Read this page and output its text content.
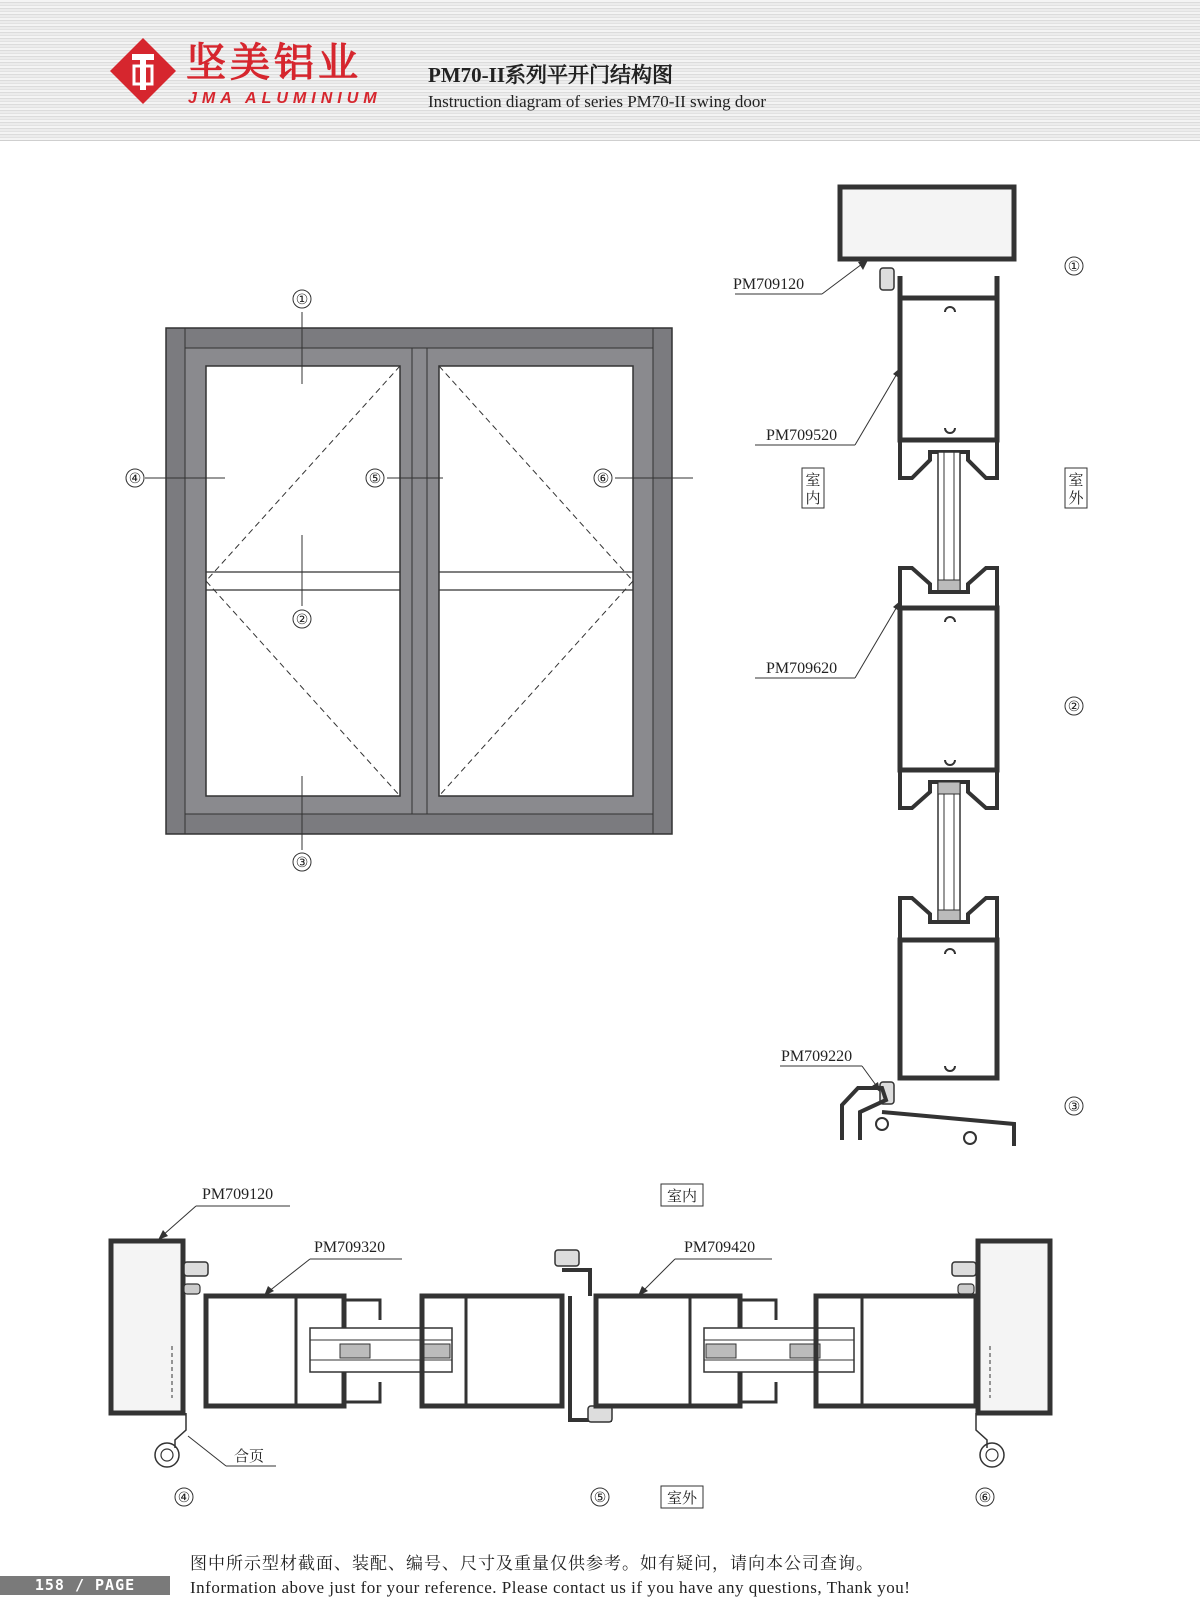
坚美铝业
JMA ALUMINIUM
PM70-II系列平开门结构图
Instruction diagram of series PM70-II swing door
①
②
③
④	⑤	⑥
PM709120
PM709520
PM709620
PM709220
①
②
③
室
内
室
外
PM709120
PM709320	PM709420
合页
室内
室外
④	⑤	⑥
图中所示型材截面、装配、编号、尺寸及重量仅供参考。如有疑问，请向本公司查询。
Information above just for your reference. Please contact us if you have any questions, Thank you!
158 / PAGE
